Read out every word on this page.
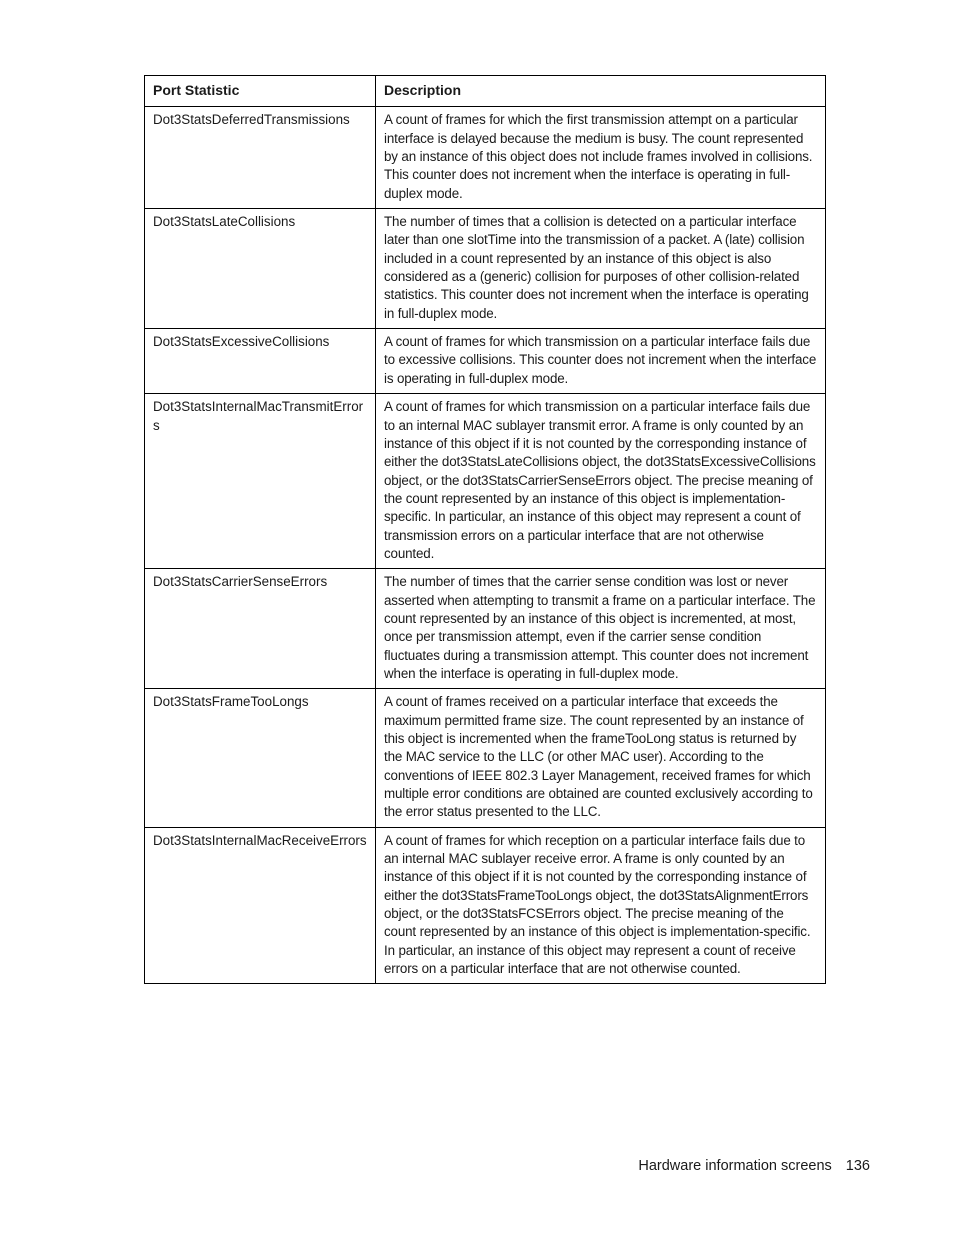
Port Statistic	Description
Dot3StatsDeferredTransmissions	A count of frames for which the first transmission attempt on a particular interface is delayed because the medium is busy. The count represented by an instance of this object does not include frames involved in collisions. This counter does not increment when the interface is operating in full-duplex mode.
Dot3StatsLateCollisions	The number of times that a collision is detected on a particular interface later than one slotTime into the transmission of a packet. A (late) collision included in a count represented by an instance of this object is also considered as a (generic) collision for purposes of other collision-related statistics. This counter does not increment when the interface is operating in full-duplex mode.
Dot3StatsExcessiveCollisions	A count of frames for which transmission on a particular interface fails due to excessive collisions. This counter does not increment when the interface is operating in full-duplex mode.
Dot3StatsInternalMacTransmitErrors	A count of frames for which transmission on a particular interface fails due to an internal MAC sublayer transmit error. A frame is only counted by an instance of this object if it is not counted by the corresponding instance of either the dot3StatsLateCollisions object, the dot3StatsExcessiveCollisions object, or the dot3StatsCarrierSenseErrors object. The precise meaning of the count represented by an instance of this object is implementation-specific. In particular, an instance of this object may represent a count of transmission errors on a particular interface that are not otherwise counted.
Dot3StatsCarrierSenseErrors	The number of times that the carrier sense condition was lost or never asserted when attempting to transmit a frame on a particular interface. The count represented by an instance of this object is incremented, at most, once per transmission attempt, even if the carrier sense condition fluctuates during a transmission attempt. This counter does not increment when the interface is operating in full-duplex mode.
Dot3StatsFrameTooLongs	A count of frames received on a particular interface that exceeds the maximum permitted frame size. The count represented by an instance of this object is incremented when the frameTooLong status is returned by the MAC service to the LLC (or other MAC user). According to the conventions of IEEE 802.3 Layer Management, received frames for which multiple error conditions are obtained are counted exclusively according to the error status presented to the LLC.
Dot3StatsInternalMacReceiveErrors	A count of frames for which reception on a particular interface fails due to an internal MAC sublayer receive error. A frame is only counted by an instance of this object if it is not counted by the corresponding instance of either the dot3StatsFrameTooLongs object, the dot3StatsAlignmentErrors object, or the dot3StatsFCSErrors object. The precise meaning of the count represented by an instance of this object is implementation-specific. In particular, an instance of this object may represent a count of receive errors on a particular interface that are not otherwise counted.
Hardware information screens 136
